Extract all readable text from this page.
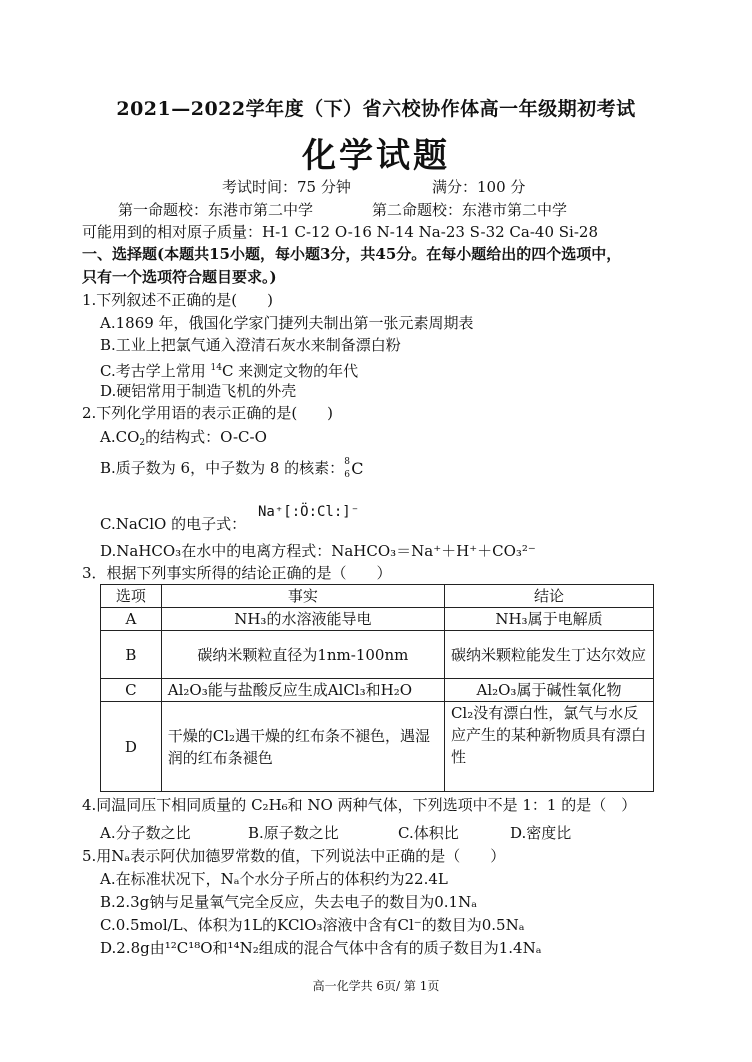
2021—2022学年度（下）省六校协作体高一年级期初考试
化学试题
考试时间：75 分钟	满分：100 分
第一命题校：东港市第二中学	第二命题校：东港市第二中学
可能用到的相对原子质量：H-1 C-12 O-16 N-14 Na-23 S-32 Ca-40 Si-28
一、选择题(本题共15小题，每小题3分，共45分。在每小题给出的四个选项中，
只有一个选项符合题目要求。)
1.下列叙述不正确的是(　　)
A.1869 年，俄国化学家门捷列夫制出第一张元素周期表
B.工业上把氯气通入澄清石灰水来制备漂白粉
C.考古学上常用 $^{14}$C 来测定文物的年代
D.硬铝常用于制造飞机的外壳
2.下列化学用语的表示正确的是(　　)
$A.CO_2$的结构式：O-C-O
B.质子数为 6，中子数为 8 的核素： 8
6 C
Na⁺[:Ö:Cl:]⁻
C.NaClO 的电子式：
D.NaHCO₃在水中的电离方程式：NaHCO₃＝Na⁺＋H⁺＋CO₃²⁻
3．根据下列事实所得的结论正确的是（　　）
选项	事实	结论
A	NH₃的水溶液能导电	NH₃属于电解质
B	碳纳米颗粒直径为1nm-100nm	碳纳米颗粒能发生丁达尔效应
C	Al₂O₃能与盐酸反应生成AlCl₃和H₂O	Al₂O₃属于碱性氧化物
D	干燥的Cl₂遇干燥的红布条不褪色，遇湿润的红布条褪色	Cl₂没有漂白性，氯气与水反应产生的某种新物质具有漂白性
4.同温同压下相同质量的 C₂H₆和 NO 两种气体，下列选项中不是 1：1 的是（　）
A.分子数之比	B.原子数之比	C.体积比	D.密度比
5.用Nₐ表示阿伏加德罗常数的值，下列说法中正确的是（　　）
A.在标准状况下，Nₐ个水分子所占的体积约为22.4L
B.2.3g钠与足量氧气完全反应，失去电子的数目为0.1Nₐ
C.0.5mol/L、体积为1L的KClO₃溶液中含有Cl⁻的数目为0.5Nₐ
D.2.8g由¹²C¹⁸O和¹⁴N₂组成的混合气体中含有的质子数目为1.4Nₐ
高一化学共 6页/ 第 1页
